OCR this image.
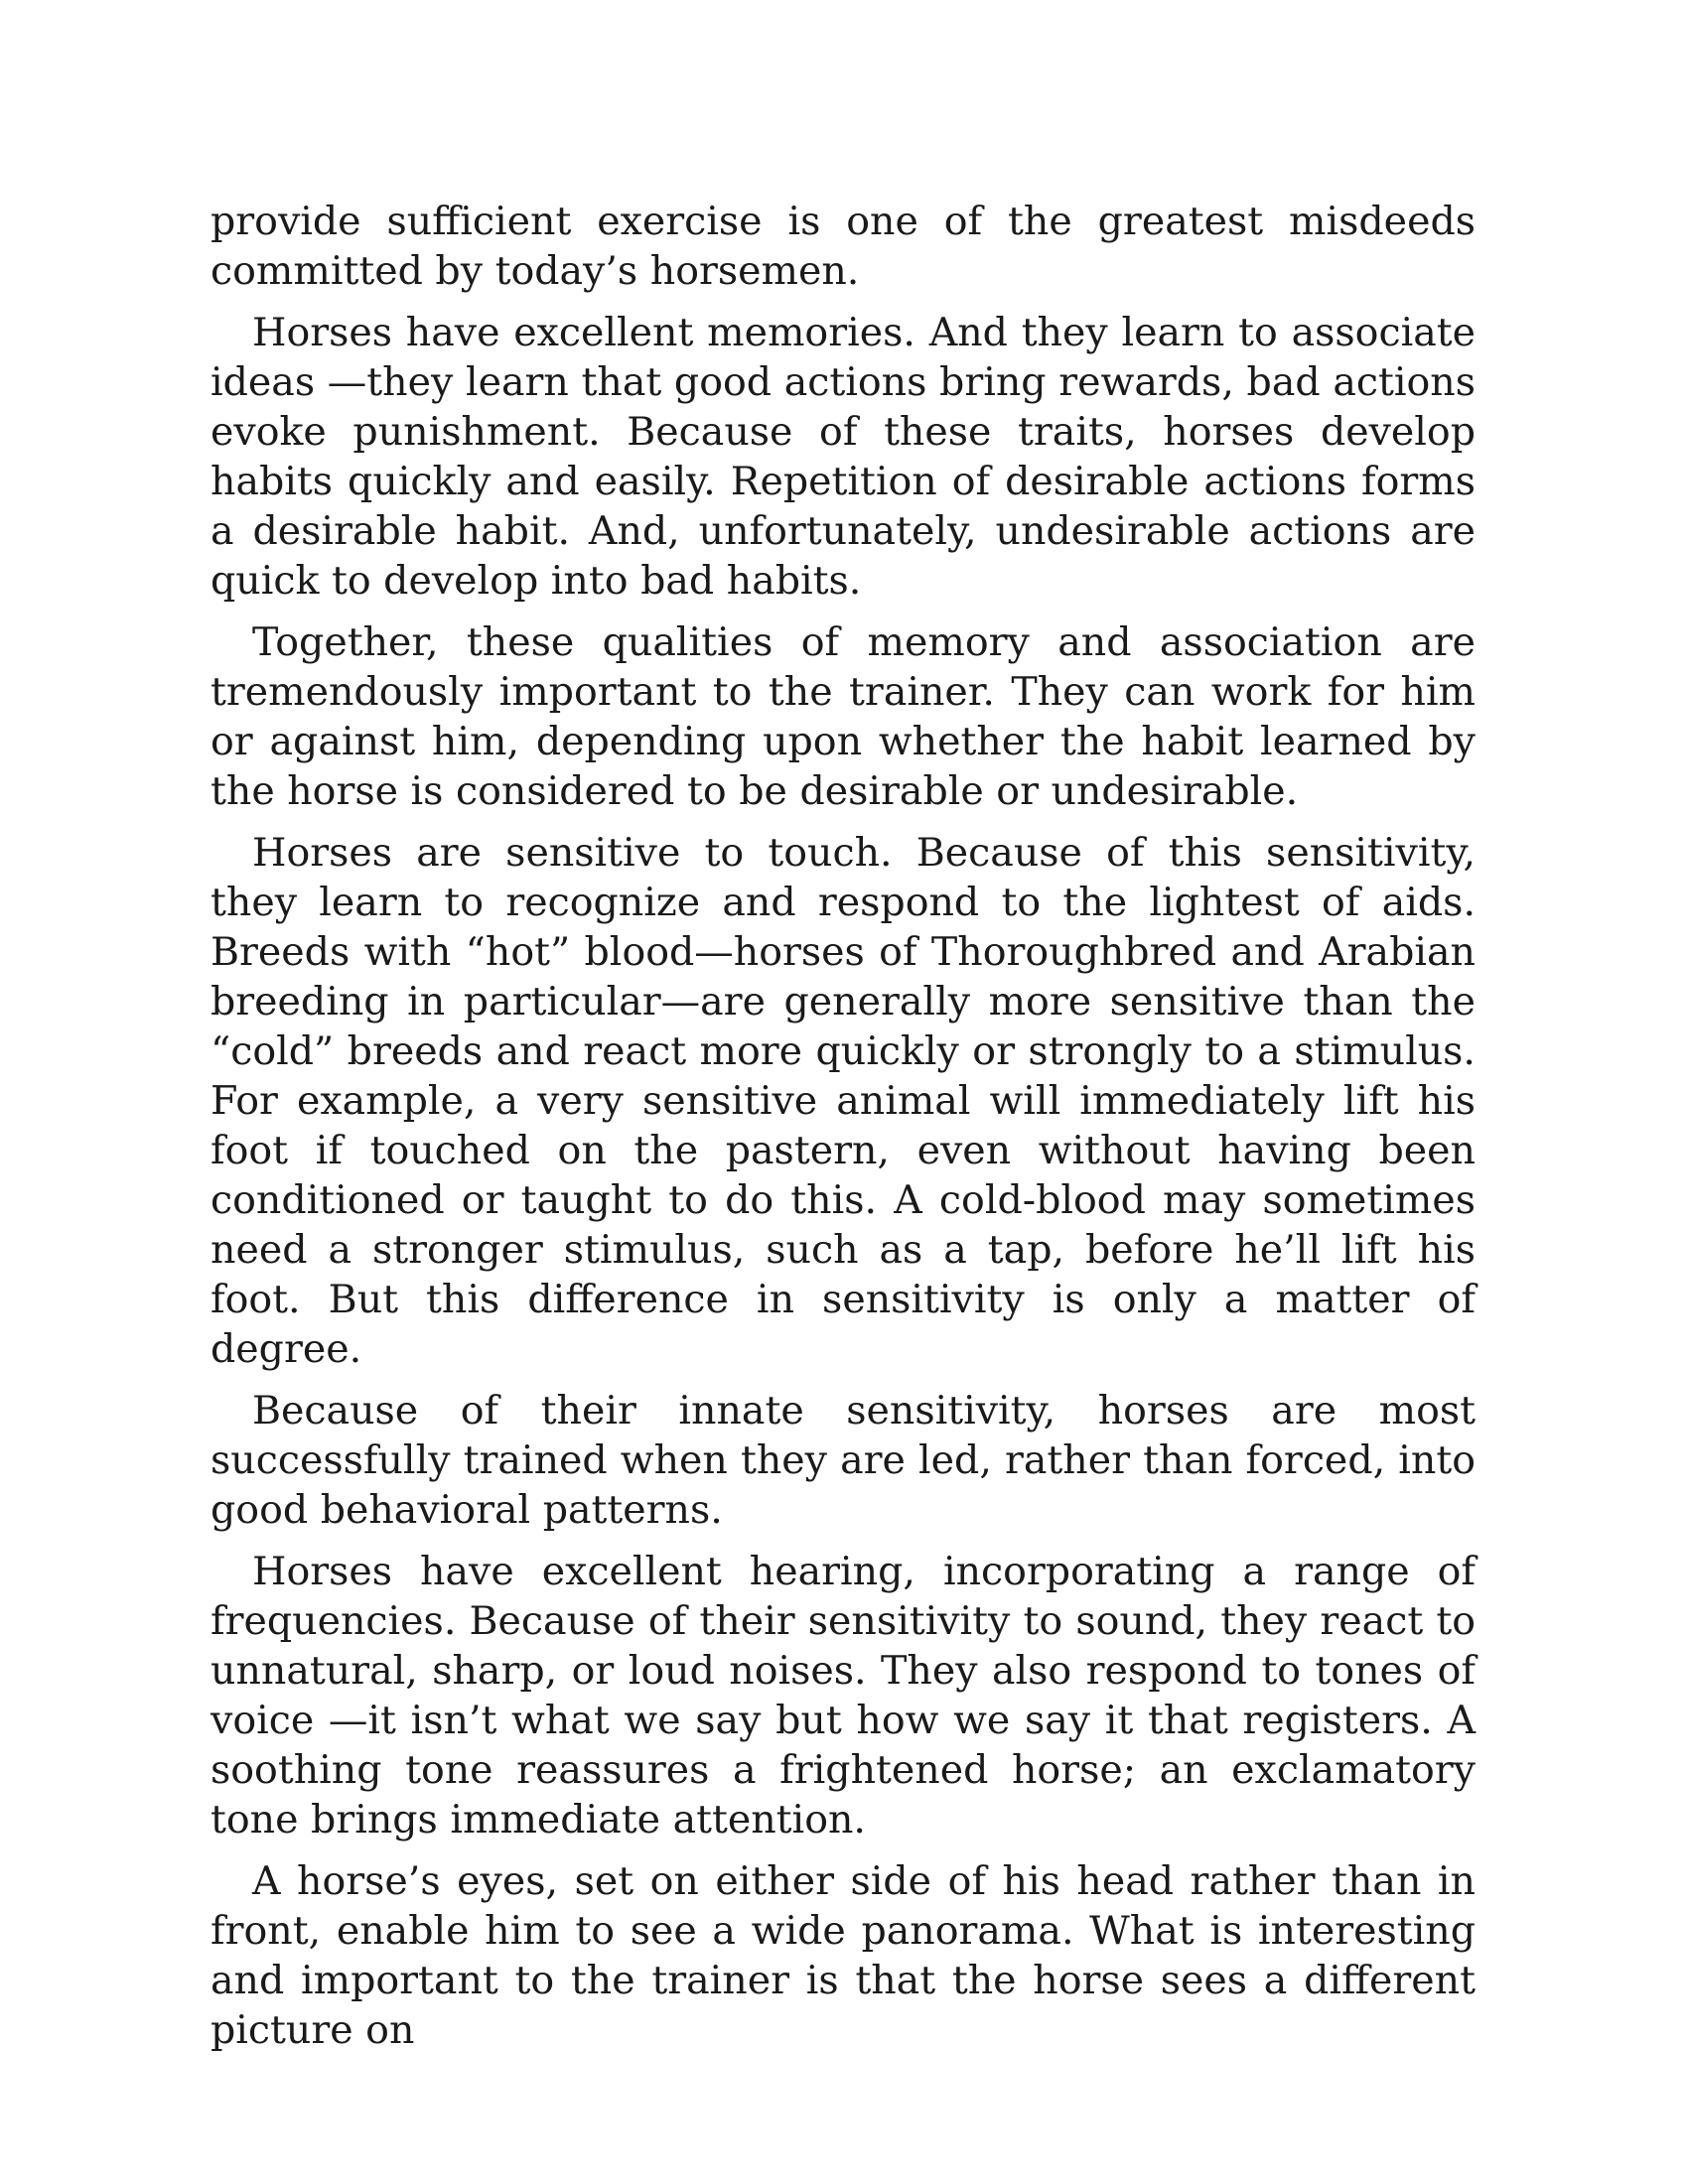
provide sufficient exercise is one of the greatest misdeeds committed by today’s horsemen.

Horses have excellent memories. And they learn to associate ideas —they learn that good actions bring rewards, bad actions evoke punishment. Because of these traits, horses develop habits quickly and easily. Repetition of desirable actions forms a desirable habit. And, unfortunately, undesirable actions are quick to develop into bad habits.

Together, these qualities of memory and association are tremendously important to the trainer. They can work for him or against him, depending upon whether the habit learned by the horse is considered to be desirable or undesirable.

Horses are sensitive to touch. Because of this sensitivity, they learn to recognize and respond to the lightest of aids. Breeds with “hot” blood—horses of Thoroughbred and Arabian breeding in particular—are generally more sensitive than the “cold” breeds and react more quickly or strongly to a stimulus. For example, a very sensitive animal will immediately lift his foot if touched on the pastern, even without having been conditioned or taught to do this. A cold-blood may sometimes need a stronger stimulus, such as a tap, before he’ll lift his foot. But this difference in sensitivity is only a matter of degree.

Because of their innate sensitivity, horses are most successfully trained when they are led, rather than forced, into good behavioral patterns.

Horses have excellent hearing, incorporating a range of frequencies. Because of their sensitivity to sound, they react to unnatural, sharp, or loud noises. They also respond to tones of voice —it isn’t what we say but how we say it that registers. A soothing tone reassures a frightened horse; an exclamatory tone brings immediate attention.

A horse’s eyes, set on either side of his head rather than in front, enable him to see a wide panorama. What is interesting and important to the trainer is that the horse sees a different picture on
